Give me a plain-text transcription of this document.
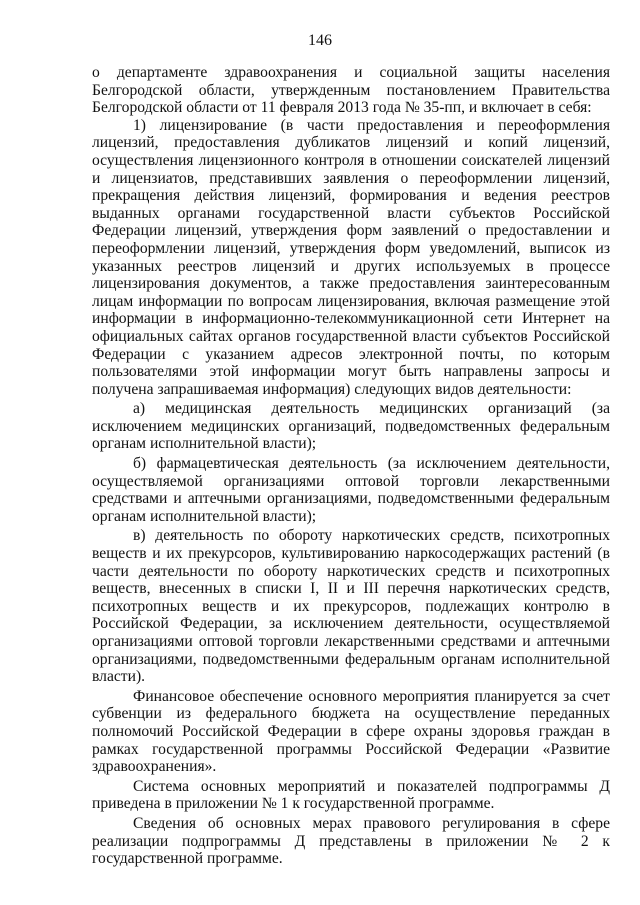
146

о департаменте здравоохранения и социальной защиты населения Белгородской области, утвержденным постановлением Правительства Белгородской области от 11 февраля 2013 года № 35-пп, и включает в себя:

1) лицензирование (в части предоставления и переоформления лицензий, предоставления дубликатов лицензий и копий лицензий, осуществления лицензионного контроля в отношении соискателей лицензий и лицензиатов, представивших заявления о переоформлении лицензий, прекращения действия лицензий, формирования и ведения реестров выданных органами государственной власти субъектов Российской Федерации лицензий, утверждения форм заявлений о предоставлении и переоформлении лицензий, утверждения форм уведомлений, выписок из указанных реестров лицензий и других используемых в процессе лицензирования документов, а также предоставления заинтересованным лицам информации по вопросам лицензирования, включая размещение этой информации в информационно-телекоммуникационной сети Интернет на официальных сайтах органов государственной власти субъектов Российской Федерации с указанием адресов электронной почты, по которым пользователями этой информации могут быть направлены запросы и получена запрашиваемая информация) следующих видов деятельности:

а) медицинская деятельность медицинских организаций (за исключением медицинских организаций, подведомственных федеральным органам исполнительной власти);

б) фармацевтическая деятельность (за исключением деятельности, осуществляемой организациями оптовой торговли лекарственными средствами и аптечными организациями, подведомственными федеральным органам исполнительной власти);

в) деятельность по обороту наркотических средств, психотропных веществ и их прекурсоров, культивированию наркосодержащих растений (в части деятельности по обороту наркотических средств и психотропных веществ, внесенных в списки I, II и III перечня наркотических средств, психотропных веществ и их прекурсоров, подлежащих контролю в Российской Федерации, за исключением деятельности, осуществляемой организациями оптовой торговли лекарственными средствами и аптечными организациями, подведомственными федеральным органам исполнительной власти).

Финансовое обеспечение основного мероприятия планируется за счет субвенции из федерального бюджета на осуществление переданных полномочий Российской Федерации в сфере охраны здоровья граждан в рамках государственной программы Российской Федерации «Развитие здравоохранения».

Система основных мероприятий и показателей подпрограммы Д приведена в приложении № 1 к государственной программе.

Сведения об основных мерах правового регулирования в сфере реализации подпрограммы Д представлены в приложении № 2 к государственной программе.
